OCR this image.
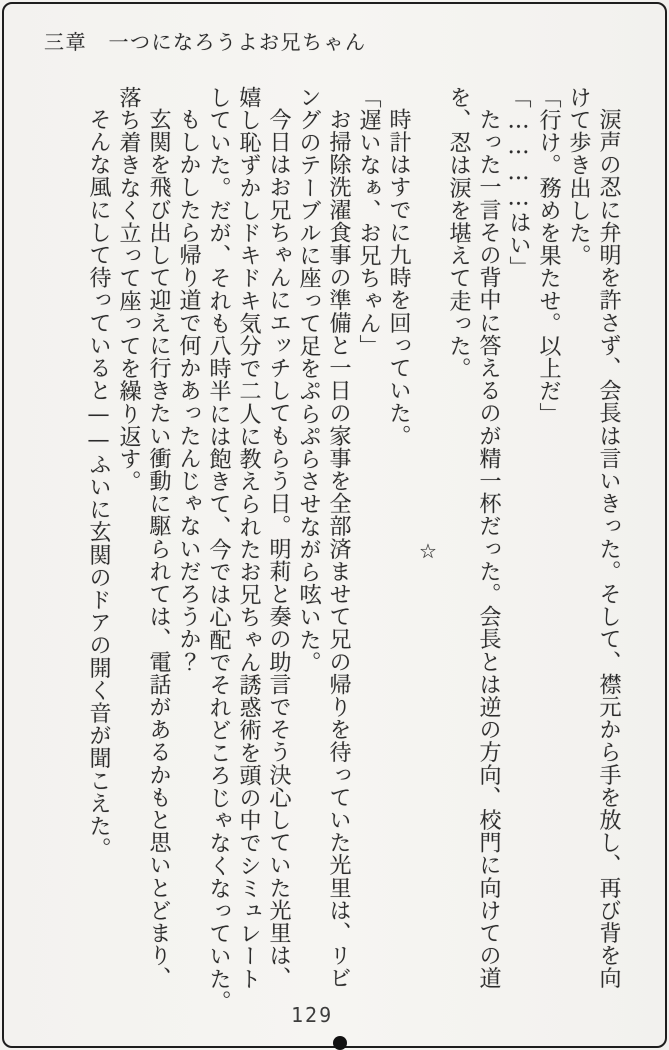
三章　一つになろうよお兄ちゃん
涙声の忍に弁明を許さず、会長は言いきった。そして、襟元から手を放し、再び背を向
けて歩き出した。
「行け。務めを果たせ。以上だ」
「…………はい」
たった一言その背中に答えるのが精一杯だった。会長とは逆の方向、校門に向けての道
を、忍は涙を堪えて走った。
☆
時計はすでに九時を回っていた。
「遅いなぁ、お兄ちゃん」
お掃除洗濯食事の準備と一日の家事を全部済ませて兄の帰りを待っていた光里は、リビ
ングのテーブルに座って足をぷらぷらさせながら呟いた。
今日はお兄ちゃんにエッチしてもらう日。明莉と奏の助言でそう決心していた光里は、
嬉し恥ずかしドキドキ気分で二人に教えられたお兄ちゃん誘惑術を頭の中でシミュレート
していた。だが、それも八時半には飽きて、今では心配でそれどころじゃなくなっていた。
もしかしたら帰り道で何かあったんじゃないだろうか？
玄関を飛び出して迎えに行きたい衝動に駆られては、電話があるかもと思いとどまり、
落ち着きなく立って座ってを繰り返す。
そんな風にして待っていると——ふいに玄関のドアの開く音が聞こえた。
129
